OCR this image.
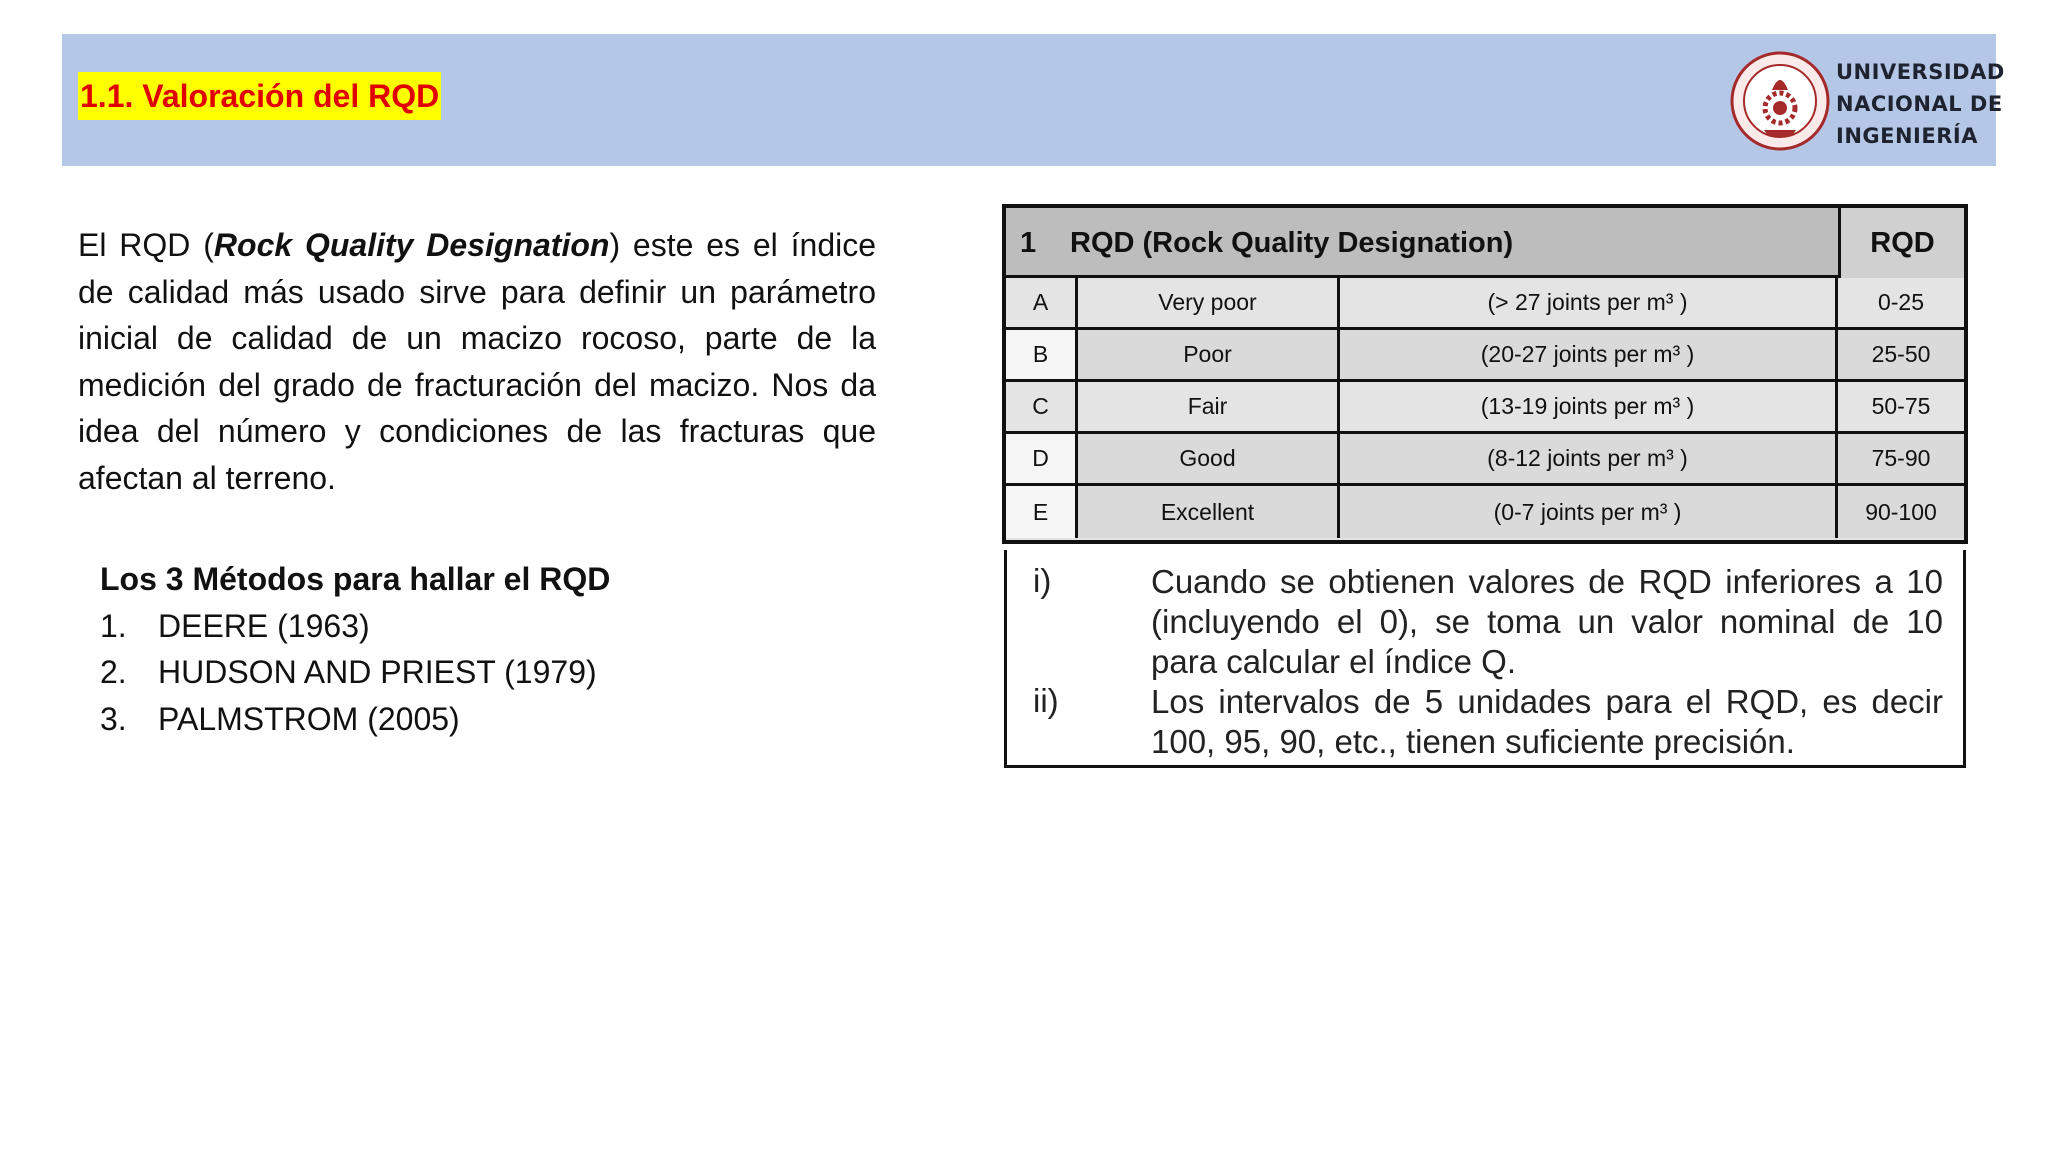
1.1. Valoración del RQD
UNIVERSIDAD
NACIONAL DE
INGENIERÍA
El RQD (Rock Quality Designation) este es el índice de calidad más usado sirve para definir un parámetro inicial de calidad de un macizo rocoso, parte de la medición del grado de fracturación del macizo. Nos da idea del número y condiciones de las fracturas que afectan al terreno.
Los 3 Métodos para hallar el RQD
1. DEERE (1963)
2. HUDSON AND PRIEST (1979)
3. PALMSTROM (2005)
1 RQD (Rock Quality Designation)	RQD
A	Very poor	(> 27 joints per m³ )	0-25
B	Poor	(20-27 joints per m³ )	25-50
C	Fair	(13-19 joints per m³ )	50-75
D	Good	(8-12 joints per m³ )	75-90
E	Excellent	(0-7 joints per m³ )	90-100
i)	Cuando se obtienen valores de RQD inferiores a 10 (incluyendo el 0), se toma un valor nominal de 10 para calcular el índice Q.
ii)	Los intervalos de 5 unidades para el RQD, es decir 100, 95, 90, etc., tienen suficiente precisión.
